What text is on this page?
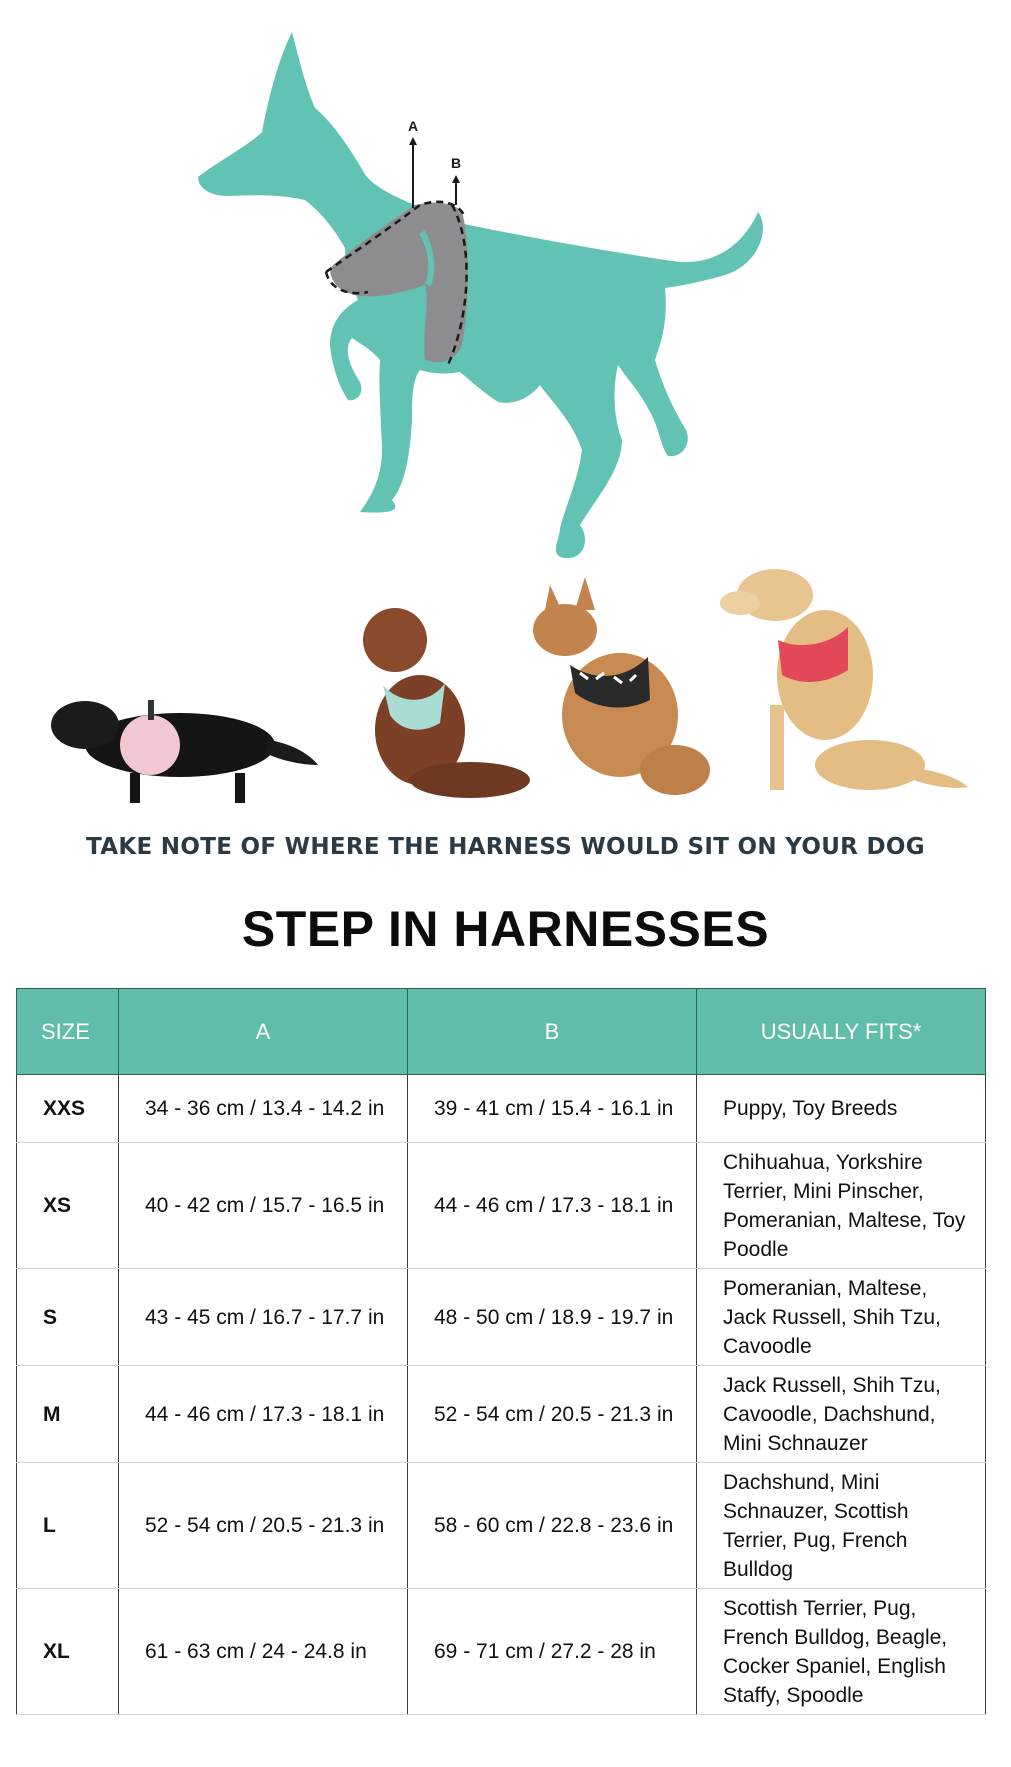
A
B
TAKE NOTE OF WHERE THE HARNESS WOULD SIT ON YOUR DOG
STEP IN HARNESSES
SIZE	A	B	USUALLY FITS*
XXS	34 - 36 cm / 13.4 - 14.2 in	39 - 41 cm / 15.4 - 16.1 in	Puppy, Toy Breeds
XS	40 - 42 cm / 15.7 - 16.5 in	44 - 46 cm / 17.3 - 18.1 in	Chihuahua, Yorkshire Terrier, Mini Pinscher, Pomeranian, Maltese, Toy Poodle
S	43 - 45 cm / 16.7 - 17.7 in	48 - 50 cm / 18.9 - 19.7 in	Pomeranian, Maltese, Jack Russell, Shih Tzu, Cavoodle
M	44 - 46 cm / 17.3 - 18.1 in	52 - 54 cm / 20.5 - 21.3 in	Jack Russell, Shih Tzu, Cavoodle, Dachshund, Mini Schnauzer
L	52 - 54 cm / 20.5 - 21.3 in	58 - 60 cm / 22.8 - 23.6 in	Dachshund, Mini Schnauzer, Scottish Terrier, Pug, French Bulldog
XL	61 - 63 cm / 24 - 24.8 in	69 - 71 cm / 27.2 - 28 in	Scottish Terrier, Pug, French Bulldog, Beagle, Cocker Spaniel, English Staffy, Spoodle
